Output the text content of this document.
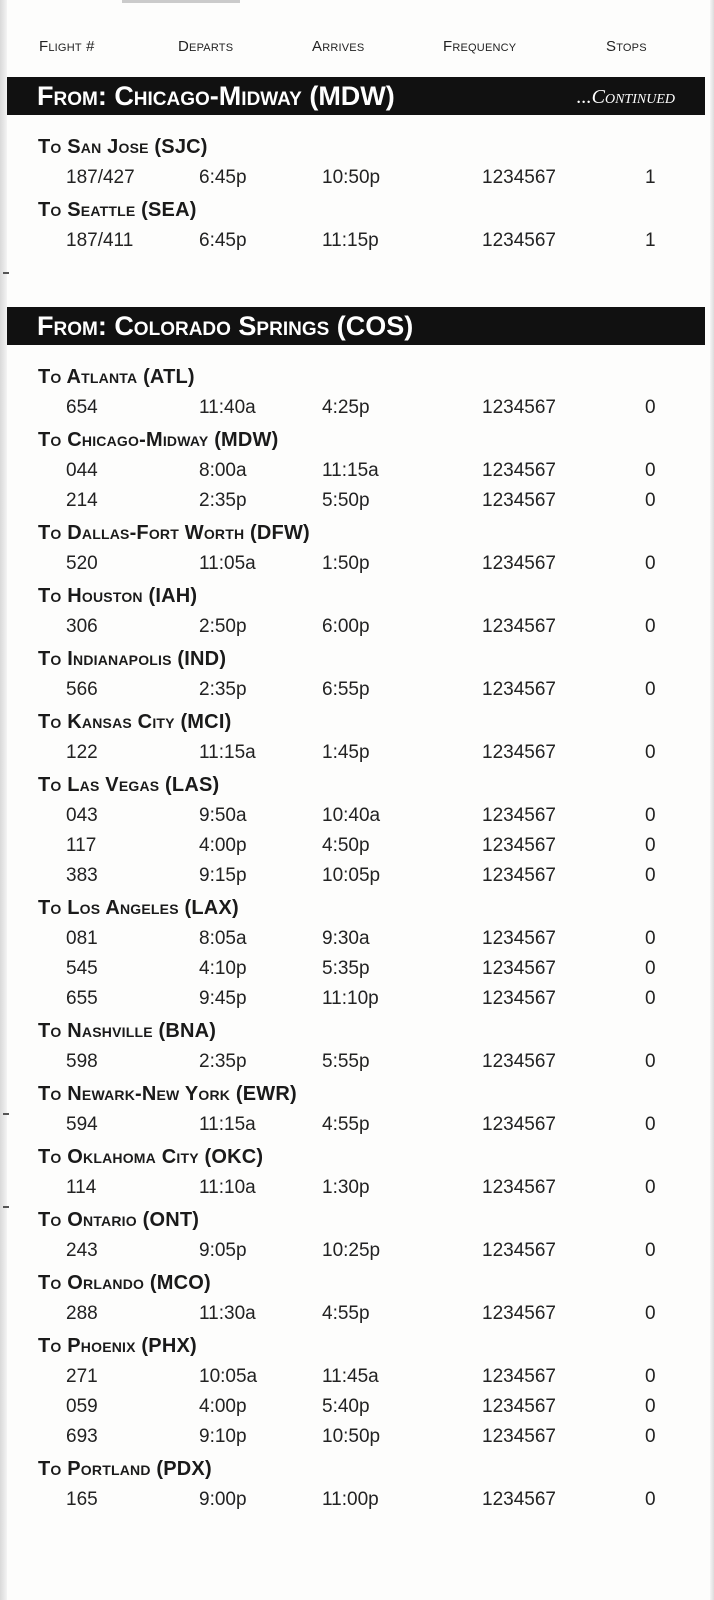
Flight #	Departs	Arrives	Frequency	Stops
From: Chicago-Midway (MDW)	...Continued
To San Jose (SJC)
187/427	6:45p	10:50p	1234567	1
To Seattle (SEA)
187/411	6:45p	11:15p	1234567	1
From: Colorado Springs (COS)
To Atlanta (ATL)
654	11:40a	4:25p	1234567	0
To Chicago-Midway (MDW)
044	8:00a	11:15a	1234567	0
214	2:35p	5:50p	1234567	0
To Dallas-Fort Worth (DFW)
520	11:05a	1:50p	1234567	0
To Houston (IAH)
306	2:50p	6:00p	1234567	0
To Indianapolis (IND)
566	2:35p	6:55p	1234567	0
To Kansas City (MCI)
122	11:15a	1:45p	1234567	0
To Las Vegas (LAS)
043	9:50a	10:40a	1234567	0
117	4:00p	4:50p	1234567	0
383	9:15p	10:05p	1234567	0
To Los Angeles (LAX)
081	8:05a	9:30a	1234567	0
545	4:10p	5:35p	1234567	0
655	9:45p	11:10p	1234567	0
To Nashville (BNA)
598	2:35p	5:55p	1234567	0
To Newark-New York (EWR)
594	11:15a	4:55p	1234567	0
To Oklahoma City (OKC)
114	11:10a	1:30p	1234567	0
To Ontario (ONT)
243	9:05p	10:25p	1234567	0
To Orlando (MCO)
288	11:30a	4:55p	1234567	0
To Phoenix (PHX)
271	10:05a	11:45a	1234567	0
059	4:00p	5:40p	1234567	0
693	9:10p	10:50p	1234567	0
To Portland (PDX)
165	9:00p	11:00p	1234567	0
